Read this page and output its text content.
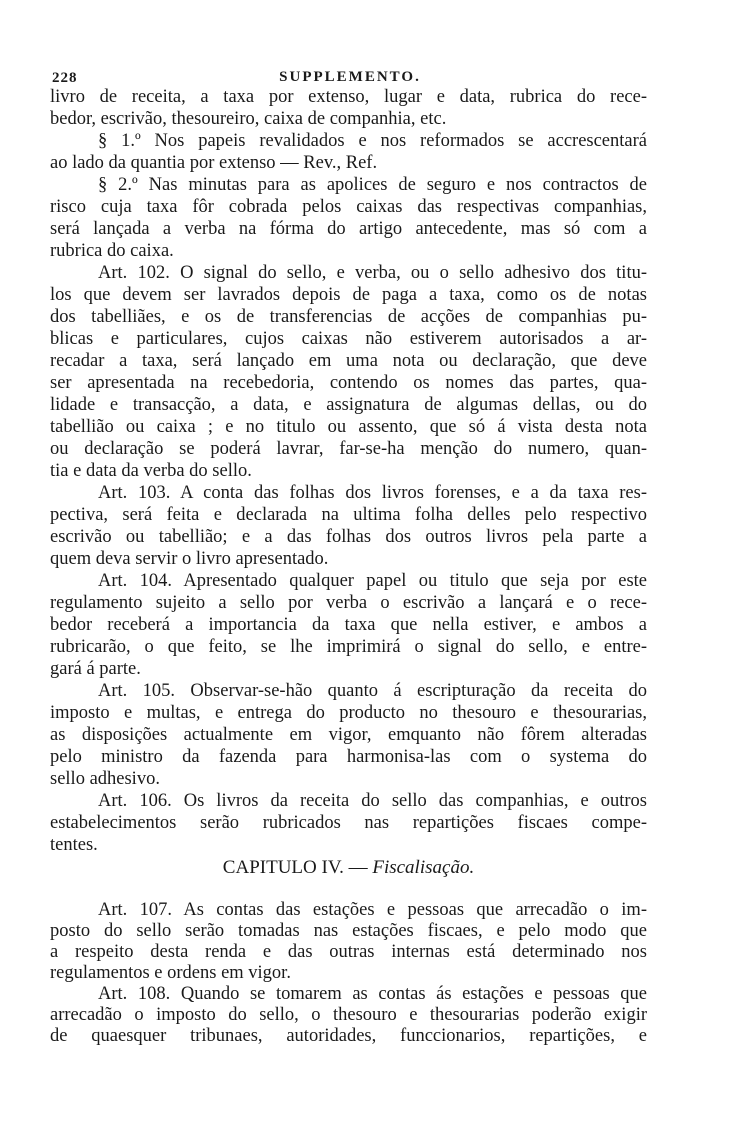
228	SUPPLEMENTO.
livro de receita, a taxa por extenso, lugar e data, rubrica do rece-
bedor, escrivão, thesoureiro, caixa de companhia, etc.
§ 1.º Nos papeis revalidados e nos reformados se accrescentará
ao lado da quantia por extenso — Rev., Ref.
§ 2.º Nas minutas para as apolices de seguro e nos contractos de
risco cuja taxa fôr cobrada pelos caixas das respectivas companhias,
será lançada a verba na fórma do artigo antecedente, mas só com a
rubrica do caixa.
Art. 102. O signal do sello, e verba, ou o sello adhesivo dos titu-
los que devem ser lavrados depois de paga a taxa, como os de notas
dos tabelliães, e os de transferencias de acções de companhias pu-
blicas e particulares, cujos caixas não estiverem autorisados a ar-
recadar a taxa, será lançado em uma nota ou declaração, que deve
ser apresentada na recebedoria, contendo os nomes das partes, qua-
lidade e transacção, a data, e assignatura de algumas dellas, ou do
tabellião ou caixa ; e no titulo ou assento, que só á vista desta nota
ou declaração se poderá lavrar, far-se-ha menção do numero, quan-
tia e data da verba do sello.
Art. 103. A conta das folhas dos livros forenses, e a da taxa res-
pectiva, será feita e declarada na ultima folha delles pelo respectivo
escrivão ou tabellião; e a das folhas dos outros livros pela parte a
quem deva servir o livro apresentado.
Art. 104. Apresentado qualquer papel ou titulo que seja por este
regulamento sujeito a sello por verba o escrivão a lançará e o rece-
bedor receberá a importancia da taxa que nella estiver, e ambos a
rubricarão, o que feito, se lhe imprimirá o signal do sello, e entre-
gará á parte.
Art. 105. Observar-se-hão quanto á escripturação da receita do
imposto e multas, e entrega do producto no thesouro e thesourarias,
as disposições actualmente em vigor, emquanto não fôrem alteradas
pelo ministro da fazenda para harmonisa-las com o systema do
sello adhesivo.
Art. 106. Os livros da receita do sello das companhias, e outros
estabelecimentos serão rubricados nas repartições fiscaes compe-
tentes.
CAPITULO IV. — Fiscalisação.
Art. 107. As contas das estações e pessoas que arrecadão o im-
posto do sello serão tomadas nas estações fiscaes, e pelo modo que
a respeito desta renda e das outras internas está determinado nos
regulamentos e ordens em vigor.
Art. 108. Quando se tomarem as contas ás estações e pessoas que
arrecadão o imposto do sello, o thesouro e thesourarias poderão exigir
de quaesquer tribunaes, autoridades, funccionarios, repartições, e
